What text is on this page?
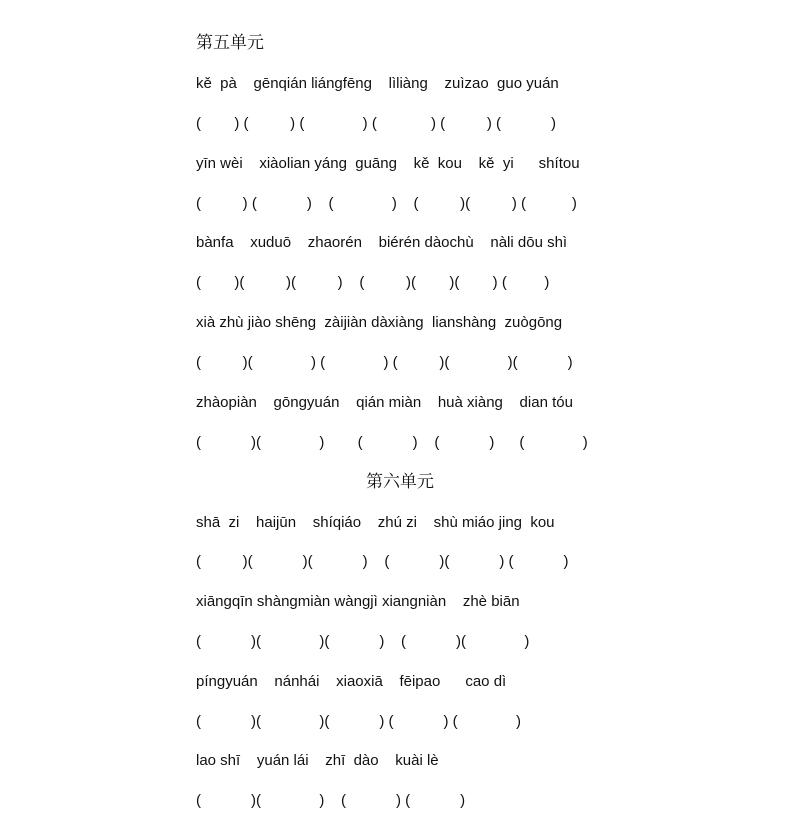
第五单元
kě  pà    gēnqián liángfēng    lìliàng    zuìzao  guo yuán
(        ) (          ) (              ) (             ) (          ) (            )
yīn wèi    xiàolian yáng  guāng    kě  kou    kě  yi      shítou
(          ) (            )    (              )    (          )(          ) (           )
bànfa    xuduō    zhaorén    biérén dàochù    nàli dōu shì
(        )(          )(          )    (          )(        )(        ) (         )
xià zhù jiào shēng  zàijiàn dàxiàng  lianshàng  zuògōng
(          )(              ) (              ) (          )(              )(            )
zhàopiàn    gōngyuán    qián miàn    huà xiàng    dian tóu
(            )(              )        (            )    (            )      (              )
第六单元
shā  zi    haijūn    shíqiáo    zhú zi    shù miáo jing  kou
(          )(            )(            )    (            )(            ) (            )
xiāngqīn shàngmiàn wàngjì xiangniàn    zhè biān
(            )(              )(            )    (            )(              )
píngyuán    nánhái    xiaoxiā    fēipao      cao dì
(            )(              )(            ) (            ) (              )
lao shī    yuán lái    zhī  dào    kuài lè
(            )(              )    (            ) (            )
